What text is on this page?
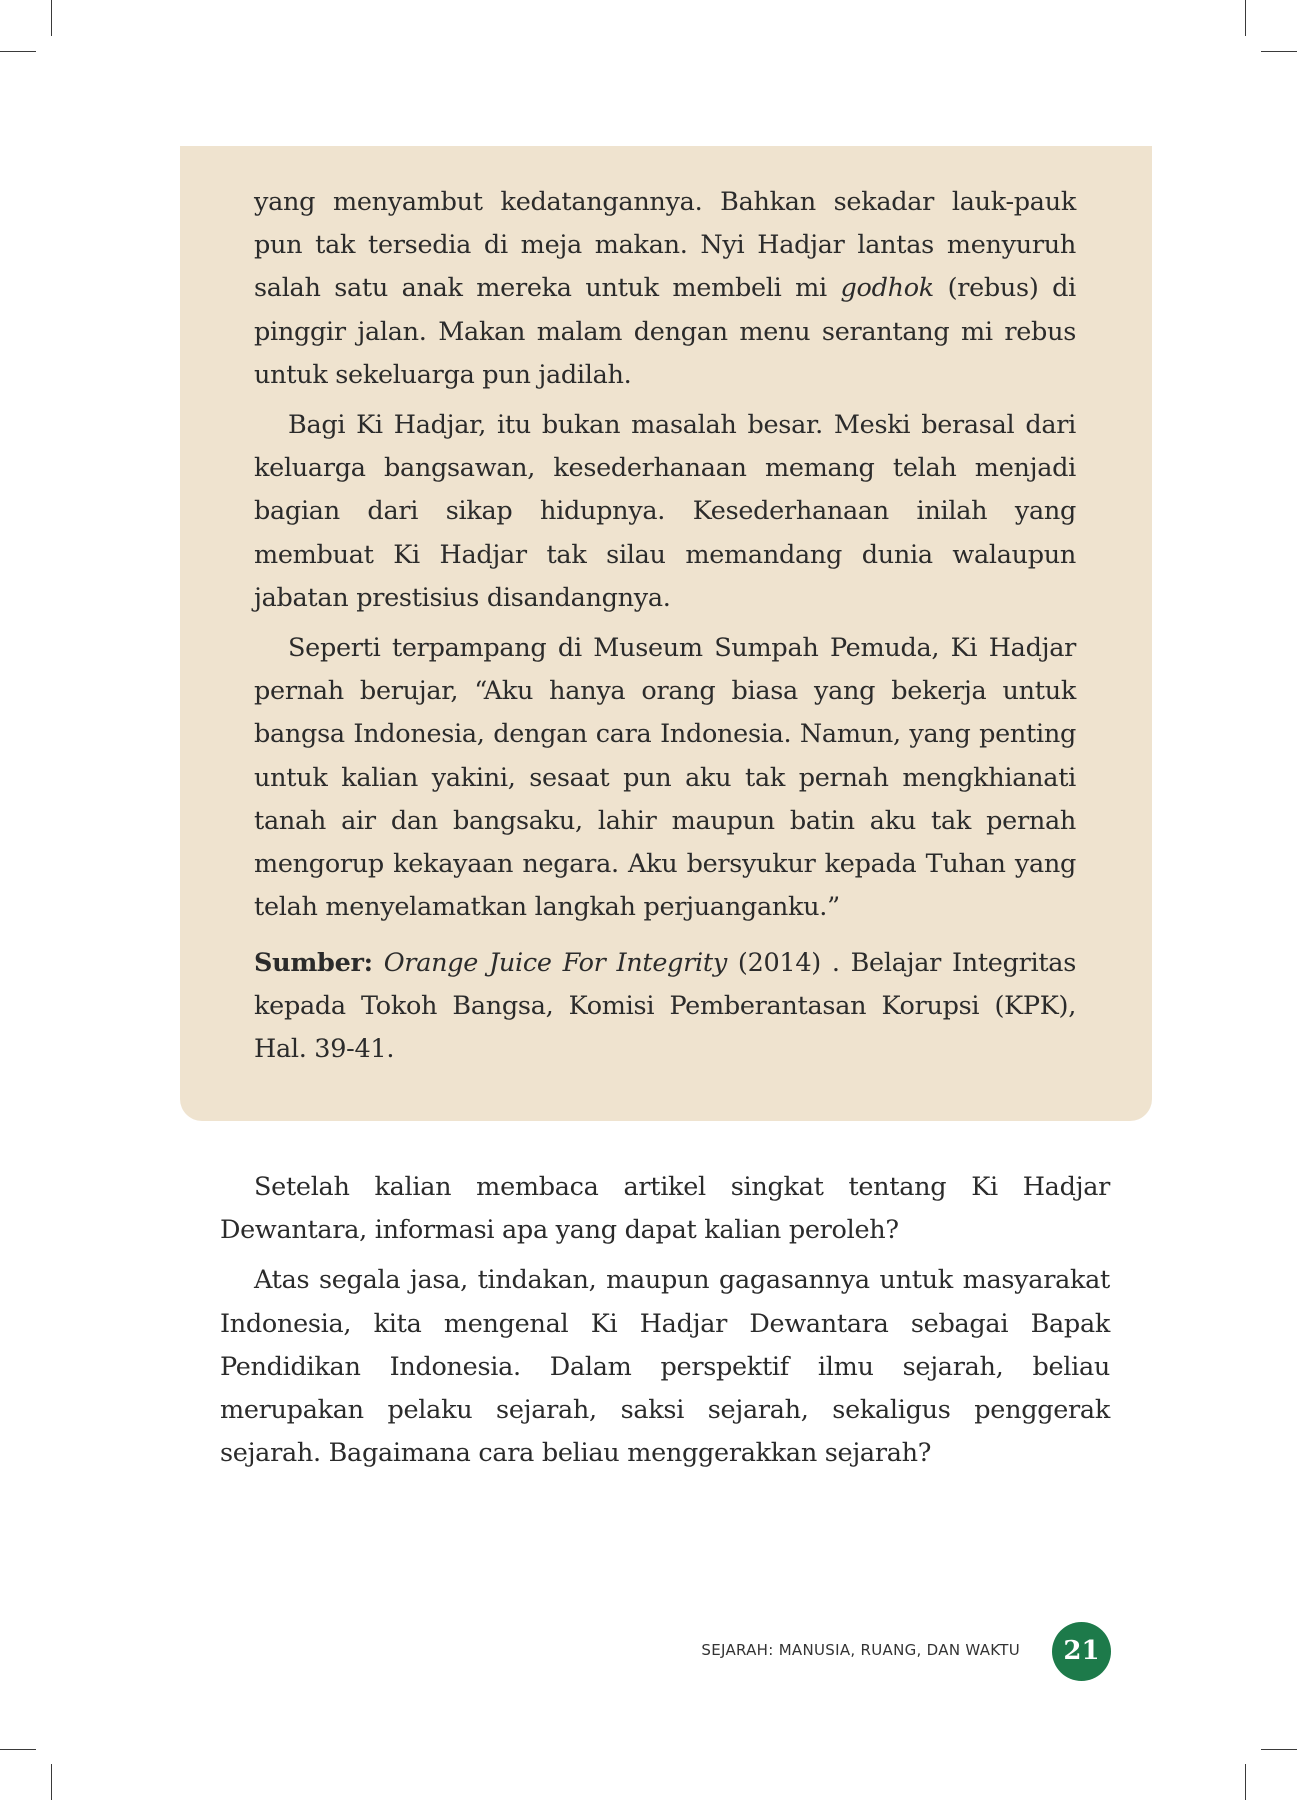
yang menyambut kedatangannya. Bahkan sekadar lauk-pauk pun tak tersedia di meja makan. Nyi Hadjar lantas menyuruh salah satu anak mereka untuk membeli mi godhok (rebus) di pinggir jalan. Makan malam dengan menu serantang mi rebus untuk sekeluarga pun jadilah.

Bagi Ki Hadjar, itu bukan masalah besar. Meski berasal dari keluarga bangsawan, kesederhanaan memang telah menjadi bagian dari sikap hidupnya. Kesederhanaan inilah yang membuat Ki Hadjar tak silau memandang dunia walaupun jabatan prestisius disandangnya.

Seperti terpampang di Museum Sumpah Pemuda, Ki Hadjar pernah berujar, “Aku hanya orang biasa yang bekerja untuk bangsa Indonesia, dengan cara Indonesia. Namun, yang penting untuk kalian yakini, sesaat pun aku tak pernah mengkhianati tanah air dan bangsaku, lahir maupun batin aku tak pernah mengorup kekayaan negara. Aku bersyukur kepada Tuhan yang telah menyelamatkan langkah perjuanganku.”

Sumber: Orange Juice For Integrity (2014) . Belajar Integritas kepada Tokoh Bangsa, Komisi Pemberantasan Korupsi (KPK), Hal. 39-41.

Setelah kalian membaca artikel singkat tentang Ki Hadjar Dewantara, informasi apa yang dapat kalian peroleh?

Atas segala jasa, tindakan, maupun gagasannya untuk masyarakat Indonesia, kita mengenal Ki Hadjar Dewantara sebagai Bapak Pendidikan Indonesia. Dalam perspektif ilmu sejarah, beliau merupakan pelaku sejarah, saksi sejarah, sekaligus penggerak sejarah. Bagaimana cara beliau menggerakkan sejarah?

SEJARAH: MANUSIA, RUANG, DAN WAKTU	21
